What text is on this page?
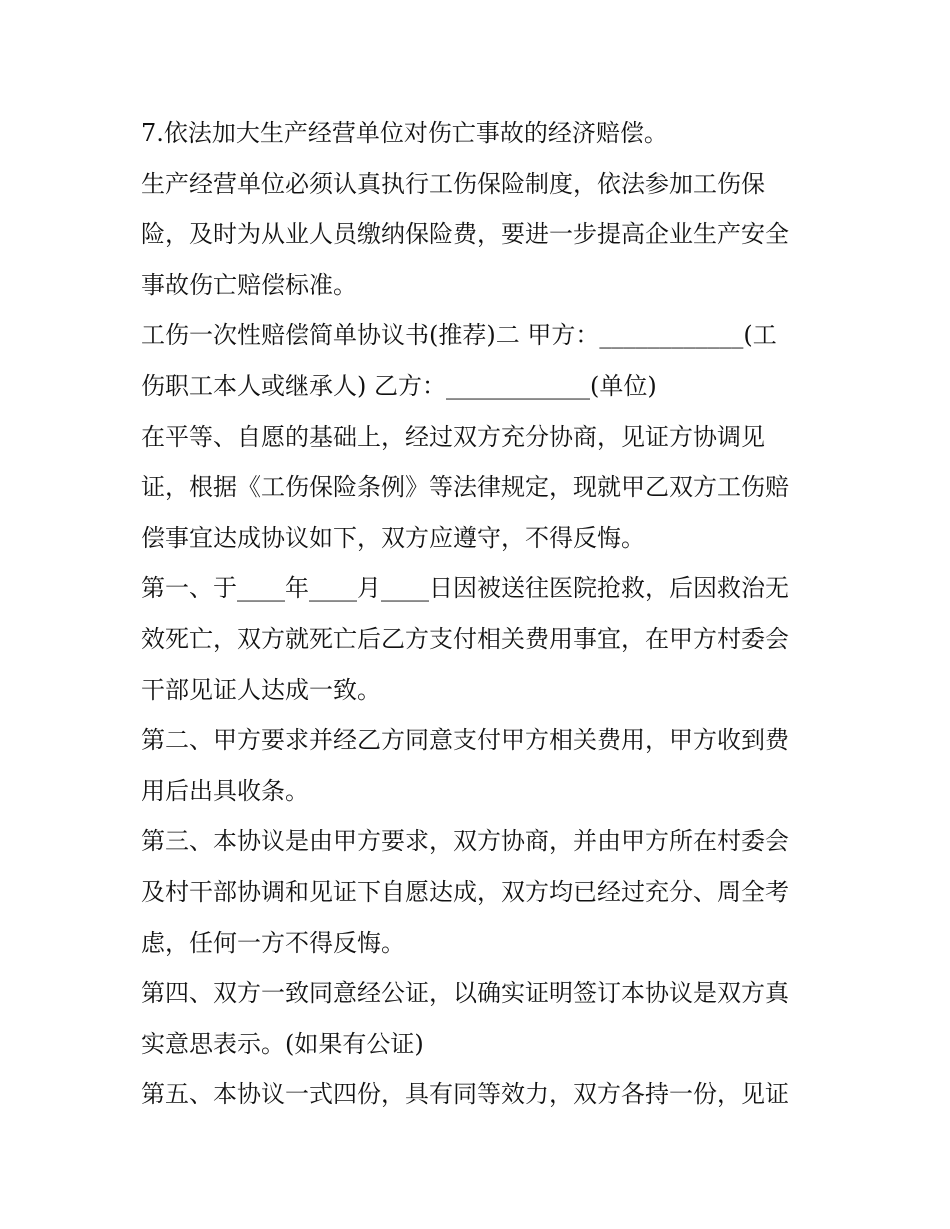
7.依法加大生产经营单位对伤亡事故的经济赔偿。
生产经营单位必须认真执行工伤保险制度，依法参加工伤保
险，及时为从业人员缴纳保险费，要进一步提高企业生产安全
事故伤亡赔偿标准。
工伤一次性赔偿简单协议书(推荐)二 甲方：____________(工
伤职工本人或继承人) 乙方：____________(单位)
在平等、自愿的基础上，经过双方充分协商，见证方协调见
证，根据《工伤保险条例》等法律规定，现就甲乙双方工伤赔
偿事宜达成协议如下，双方应遵守，不得反悔。
第一、于____年____月____日因被送往医院抢救，后因救治无
效死亡，双方就死亡后乙方支付相关费用事宜，在甲方村委会
干部见证人达成一致。
第二、甲方要求并经乙方同意支付甲方相关费用，甲方收到费
用后出具收条。
第三、本协议是由甲方要求，双方协商，并由甲方所在村委会
及村干部协调和见证下自愿达成，双方均已经过充分、周全考
虑，任何一方不得反悔。
第四、双方一致同意经公证，以确实证明签订本协议是双方真
实意思表示。(如果有公证)
第五、本协议一式四份，具有同等效力，双方各持一份，见证
